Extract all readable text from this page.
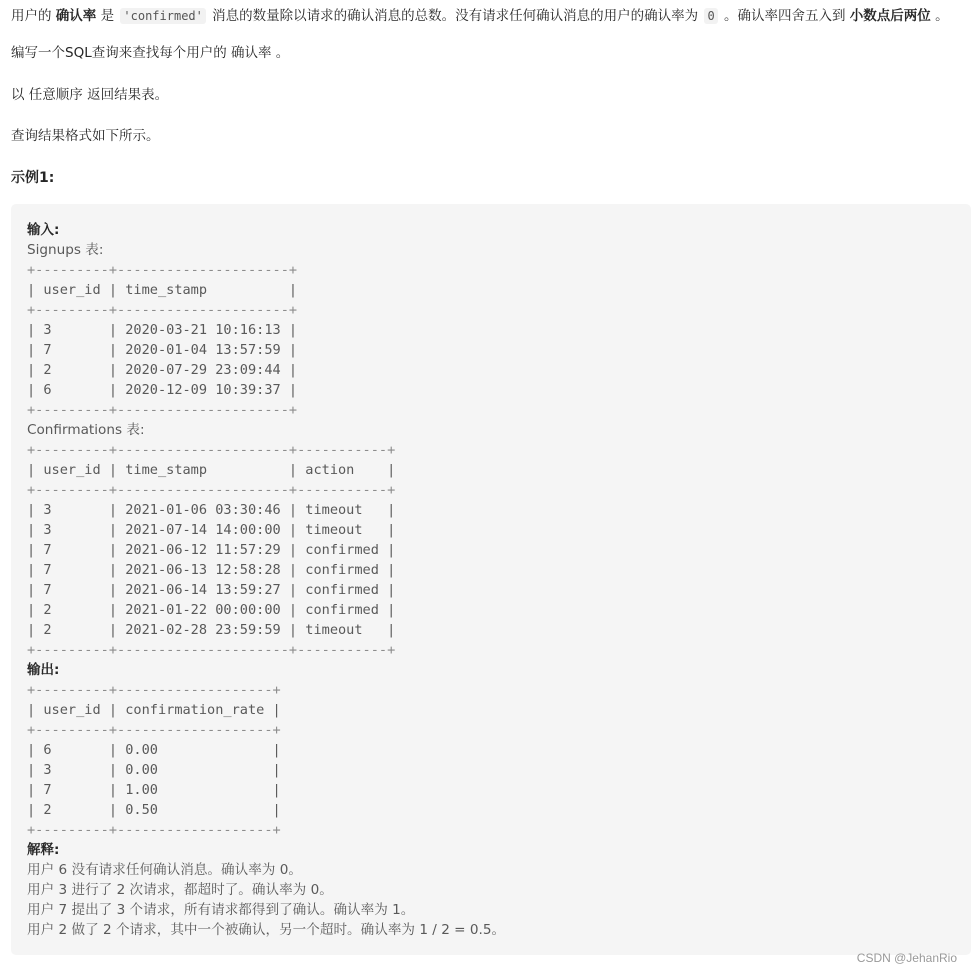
用户的 确认率 是 'confirmed' 消息的数量除以请求的确认消息的总数。没有请求任何确认消息的用户的确认率为 0 。确认率四舍五入到 小数点后两位 。
编写一个SQL查询来查找每个用户的 确认率 。
以 任意顺序 返回结果表。
查询结果格式如下所示。
示例1:
输入:
Signups 表:
+---------+---------------------+
| user_id | time_stamp          |
+---------+---------------------+
| 3       | 2020-03-21 10:16:13 |
| 7       | 2020-01-04 13:57:59 |
| 2       | 2020-07-29 23:09:44 |
| 6       | 2020-12-09 10:39:37 |
+---------+---------------------+
Confirmations 表:
+---------+---------------------+-----------+
| user_id | time_stamp          | action    |
+---------+---------------------+-----------+
| 3       | 2021-01-06 03:30:46 | timeout   |
| 3       | 2021-07-14 14:00:00 | timeout   |
| 7       | 2021-06-12 11:57:29 | confirmed |
| 7       | 2021-06-13 12:58:28 | confirmed |
| 7       | 2021-06-14 13:59:27 | confirmed |
| 2       | 2021-01-22 00:00:00 | confirmed |
| 2       | 2021-02-28 23:59:59 | timeout   |
+---------+---------------------+-----------+
输出:
+---------+-------------------+
| user_id | confirmation_rate |
+---------+-------------------+
| 6       | 0.00              |
| 3       | 0.00              |
| 7       | 1.00              |
| 2       | 0.50              |
+---------+-------------------+
解释:
用户 6 没有请求任何确认消息。确认率为 0。
用户 3 进行了 2 次请求，都超时了。确认率为 0。
用户 7 提出了 3 个请求，所有请求都得到了确认。确认率为 1。
用户 2 做了 2 个请求，其中一个被确认，另一个超时。确认率为 1 / 2 = 0.5。
CSDN @JehanRio
